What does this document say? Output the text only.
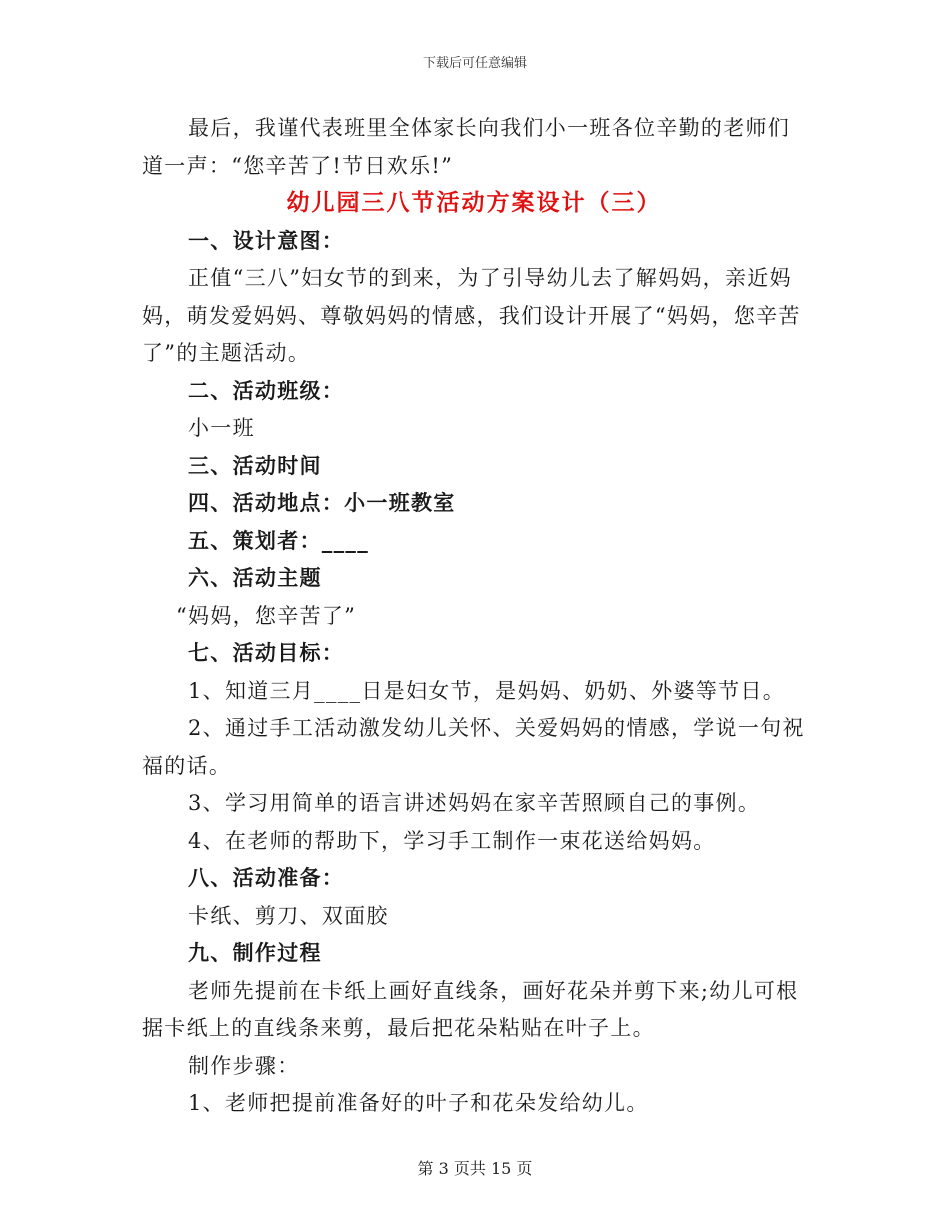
下载后可任意编辑

最后，我谨代表班里全体家长向我们小一班各位辛勤的老师们道一声：“您辛苦了!节日欢乐!”

幼儿园三八节活动方案设计（三）

一、设计意图：

正值“三八”妇女节的到来，为了引导幼儿去了解妈妈，亲近妈妈，萌发爱妈妈、尊敬妈妈的情感，我们设计开展了“妈妈，您辛苦了”的主题活动。

二、活动班级：

小一班

三、活动时间

四、活动地点：小一班教室

五、策划者：____

六、活动主题

“妈妈，您辛苦了”

七、活动目标：

1、知道三月____日是妇女节，是妈妈、奶奶、外婆等节日。

2、通过手工活动激发幼儿关怀、关爱妈妈的情感，学说一句祝福的话。

3、学习用简单的语言讲述妈妈在家辛苦照顾自己的事例。

4、在老师的帮助下，学习手工制作一束花送给妈妈。

八、活动准备：

卡纸、剪刀、双面胶

九、制作过程

老师先提前在卡纸上画好直线条，画好花朵并剪下来;幼儿可根据卡纸上的直线条来剪，最后把花朵粘贴在叶子上。

制作步骤：

1、老师把提前准备好的叶子和花朵发给幼儿。

第 3 页共 15 页
